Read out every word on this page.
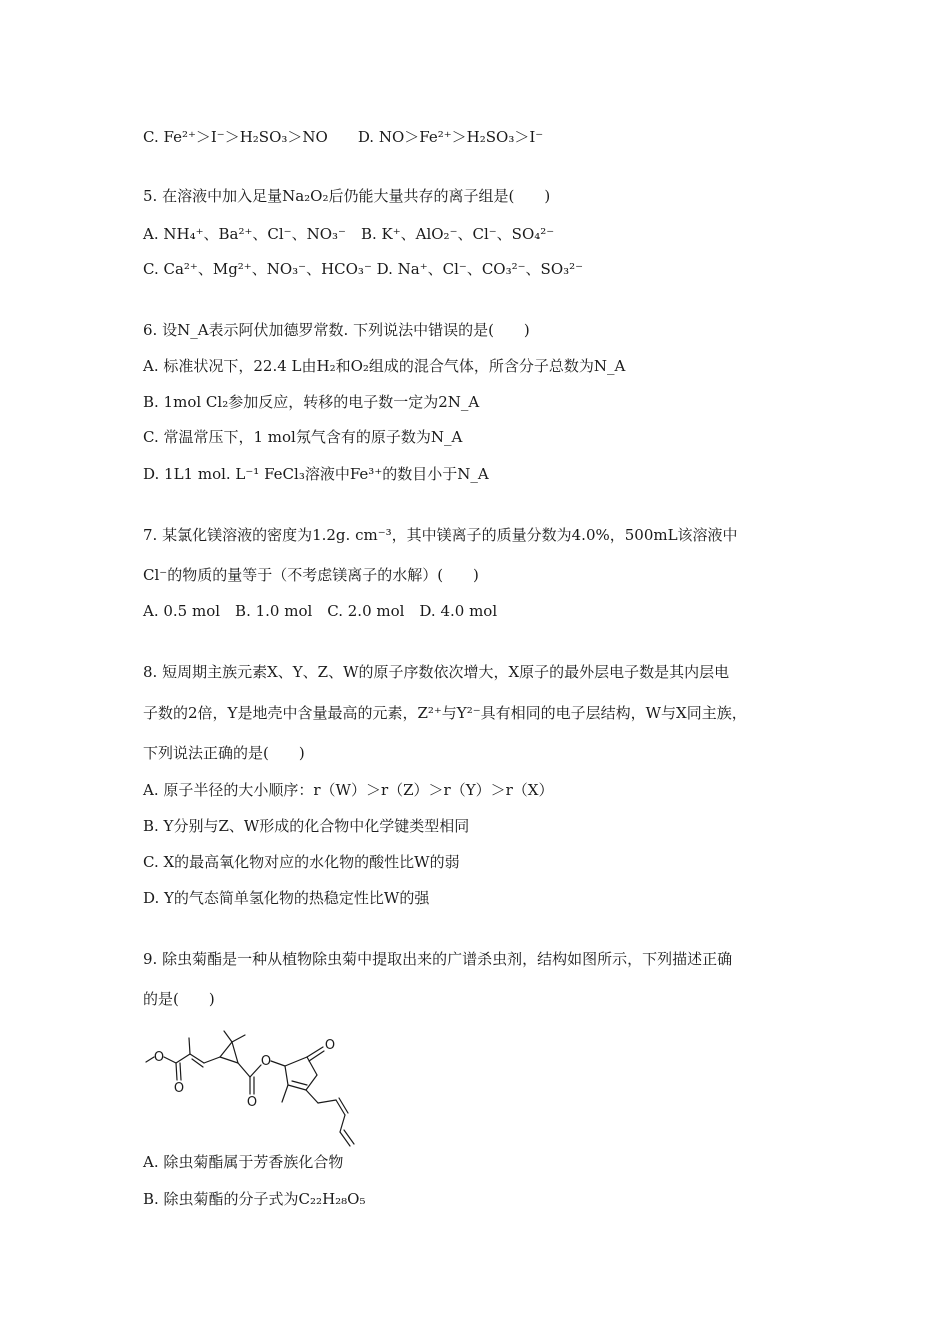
C. Fe²⁺＞I⁻＞H₂SO₃＞NO　　D. NO＞Fe²⁺＞H₂SO₃＞I⁻
5. 在溶液中加入足量Na₂O₂后仍能大量共存的离子组是(　　)
A. NH₄⁺、Ba²⁺、Cl⁻、NO₃⁻　B. K⁺、AlO₂⁻、Cl⁻、SO₄²⁻
C. Ca²⁺、Mg²⁺、NO₃⁻、HCO₃⁻ D. Na⁺、Cl⁻、CO₃²⁻、SO₃²⁻
6. 设N_A表示阿伏加德罗常数. 下列说法中错误的是(　　)
A. 标准状况下，22.4 L由H₂和O₂组成的混合气体，所含分子总数为N_A
B. 1mol Cl₂参加反应，转移的电子数一定为2N_A
C. 常温常压下，1 mol氖气含有的原子数为N_A
D. 1L1 mol. L⁻¹ FeCl₃溶液中Fe³⁺的数目小于N_A
7. 某氯化镁溶液的密度为1.2g. cm⁻³，其中镁离子的质量分数为4.0%，500mL该溶液中
Cl⁻的物质的量等于（不考虑镁离子的水解）(　　)
A. 0.5 mol　B. 1.0 mol　C. 2.0 mol　D. 4.0 mol
8. 短周期主族元素X、Y、Z、W的原子序数依次增大，X原子的最外层电子数是其内层电
子数的2倍，Y是地壳中含量最高的元素，Z²⁺与Y²⁻具有相同的电子层结构，W与X同主族，
下列说法正确的是(　　)
A. 原子半径的大小顺序：r（W）＞r（Z）＞r（Y）＞r（X）
B. Y分别与Z、W形成的化合物中化学键类型相同
C. X的最高氧化物对应的水化物的酸性比W的弱
D. Y的气态简单氢化物的热稳定性比W的强
9. 除虫菊酯是一种从植物除虫菊中提取出来的广谱杀虫剂，结构如图所示，下列描述正确
的是(　　)
O
O
O
O
O
A. 除虫菊酯属于芳香族化合物
B. 除虫菊酯的分子式为C₂₂H₂₈O₅
